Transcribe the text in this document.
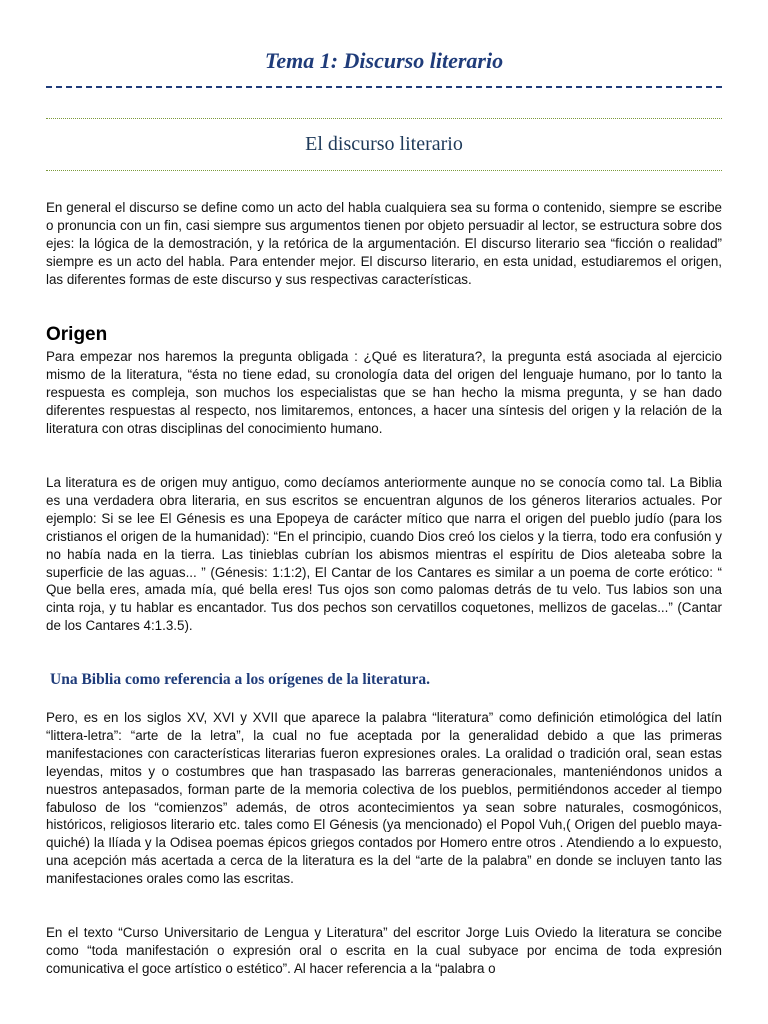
Tema 1: Discurso literario
El discurso literario

En general el discurso se define como un acto del habla cualquiera sea su forma o contenido, siempre se escribe o pronuncia con un fin, casi siempre sus argumentos tienen por objeto persuadir al lector, se estructura sobre dos ejes: la lógica de la demostración, y la retórica de la argumentación. El discurso literario sea “ficción o realidad” siempre es un acto del habla. Para entender mejor. El discurso literario, en esta unidad, estudiaremos el origen, las diferentes formas de este discurso y sus respectivas características.

Origen

Para empezar nos haremos la pregunta obligada : ¿Qué es literatura?, la pregunta está asociada al ejercicio mismo de la literatura, “ésta no tiene edad, su cronología data del origen del lenguaje humano, por lo tanto la respuesta es compleja, son muchos los especialistas que se han hecho la misma pregunta, y se han dado diferentes respuestas al respecto, nos limitaremos, entonces, a hacer una síntesis del origen y la relación de la literatura con otras disciplinas del conocimiento humano.

La literatura es de origen muy antiguo, como decíamos anteriormente aunque no se conocía como tal. La Biblia es una verdadera obra literaria, en sus escritos se encuentran algunos de los géneros literarios actuales. Por ejemplo: Si se lee El Génesis es una Epopeya de carácter mítico que narra el origen del pueblo judío (para los cristianos el origen de la humanidad): “En el principio, cuando Dios creó los cielos y la tierra, todo era confusión y no había nada en la tierra. Las tinieblas cubrían los abismos mientras el espíritu de Dios aleteaba sobre la superficie de las aguas... ” (Génesis: 1:1:2), El Cantar de los Cantares es similar a un poema de corte erótico: “ Que bella eres, amada mía, qué bella eres! Tus ojos son como palomas detrás de tu velo. Tus labios son una cinta roja, y tu hablar es encantador. Tus dos pechos son cervatillos coquetones, mellizos de gacelas...” (Cantar de los Cantares 4:1.3.5).

Una Biblia como referencia a los orígenes de la literatura.

Pero, es en los siglos XV, XVI y XVII que aparece la palabra “literatura” como definición etimológica del latín “littera-letra”: “arte de la letra”, la cual no fue aceptada por la generalidad debido a que las primeras manifestaciones con características literarias fueron expresiones orales. La oralidad o tradición oral, sean estas leyendas, mitos y o costumbres que han traspasado las barreras generacionales, manteniéndonos unidos a nuestros antepasados, forman parte de la memoria colectiva de los pueblos, permitiéndonos acceder al tiempo fabuloso de los “comienzos” además, de otros acontecimientos ya sean sobre naturales, cosmogónicos, históricos, religiosos literario etc. tales como El Génesis (ya mencionado) el Popol Vuh,( Origen del pueblo maya-quiché) la Ilíada y la Odisea poemas épicos griegos contados por Homero entre otros . Atendiendo a lo expuesto, una acepción más acertada a cerca de la literatura es la del “arte de la palabra” en donde se incluyen tanto las manifestaciones orales como las escritas.

En el texto “Curso Universitario de Lengua y Literatura” del escritor Jorge Luis Oviedo la literatura se concibe como “toda manifestación o expresión oral o escrita en la cual subyace por encima de toda expresión comunicativa el goce artístico o estético”. Al hacer referencia a la “palabra o
